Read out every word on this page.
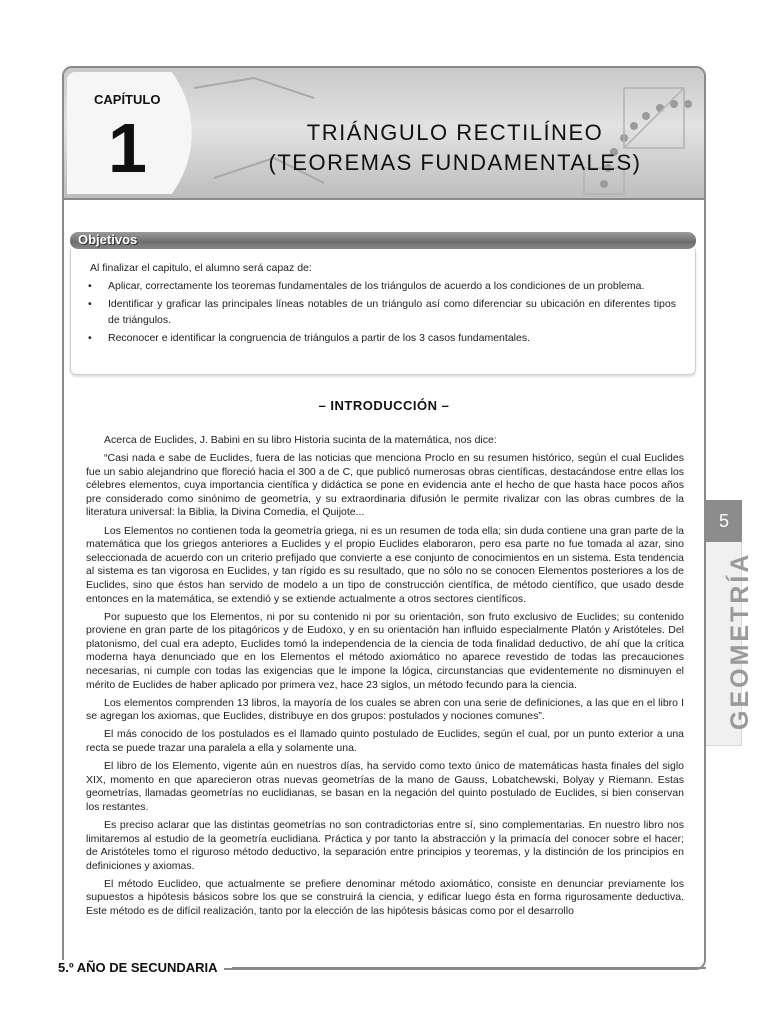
CAPÍTULO
1	TRIÁNGULO RECTILÍNEO
(TEOREMAS FUNDAMENTALES)
Objetivos
Al finalizar el capitulo, el alumno será capaz de:
• Aplicar, correctamente los teoremas fundamentales de los triángulos de acuerdo a los condiciones de un problema.
• Identificar y graficar las principales líneas notables de un triángulo así como diferenciar su ubicación en diferentes tipos de triángulos.
• Reconocer e identificar la congruencia de triángulos a partir de los 3 casos fundamentales.
– INTRODUCCIÓN –

Acerca de Euclides, J. Babini en su libro Historia sucinta de la matemática, nos dice:

“Casi nada e sabe de Euclides, fuera de las noticias que menciona Proclo en su resumen histórico, según el cual Euclides fue un sabio alejandrino que floreció hacia el 300 a de C, que publicó numerosas obras científicas, destacándose entre ellas los célebres elementos, cuya importancia científica y didáctica se pone en evidencia ante el hecho de que hasta hace pocos años pre considerado como sinónimo de geometría, y su extraordinaria difusión le permite rivalizar con las obras cumbres de la literatura universal: la Biblia, la Divina Comedia, el Quijote...

Los Elementos no contienen toda la geometría griega, ni es un resumen de toda ella; sin duda contiene una gran parte de la matemática que los griegos anteriores a Euclides y el propio Euclides elaboraron, pero esa parte no fue tomada al azar, sino seleccionada de acuerdo con un criterio prefijado que convierte a ese conjunto de conocimientos en un sistema. Esta tendencia al sistema es tan vigorosa en Euclides, y tan rígido es su resultado, que no sólo no se conocen Elementos posteriores a los de Euclides, sino que éstos han servido de modelo a un tipo de construcción científica, de método científico, que usado desde entonces en la matemática, se extendió y se extiende actualmente a otros sectores científicos.

Por supuesto que los Elementos, ni por su contenido ni por su orientación, son fruto exclusivo de Euclides; su contenido proviene en gran parte de los pitagóricos y de Eudoxo, y en su orientación han influido especialmente Platón y Aristóteles. Del platonismo, del cual era adepto, Euclides tomó la independencia de la ciencia de toda finalidad deductivo, de ahí que la crítica moderna haya denunciado que en los Elementos el método axiomático no aparece revestido de todas las precauciones necesarias, ni cumple con todas las exigencias que le impone la lógica, circunstancias que evidentemente no disminuyen el mérito de Euclides de haber aplicado por primera vez, hace 23 siglos, un método fecundo para la ciencia.

Los elementos comprenden 13 libros, la mayoría de los cuales se abren con una serie de definiciones, a las que en el libro I se agregan los axiomas, que Euclides, distribuye en dos grupos: postulados y nociones comunes”.

El más conocido de los postulados es el llamado quinto postulado de Euclides, según el cual, por un punto exterior a una recta se puede trazar una paralela a ella y solamente una.

El libro de los Elemento, vigente aún en nuestros días, ha servido como texto único de matemáticas hasta finales del siglo XIX, momento en que aparecieron otras nuevas geometrías de la mano de Gauss, Lobatchewski, Bolyay y Riemann. Estas geometrías, llamadas geometrías no euclidianas, se basan en la negación del quinto postulado de Euclides, si bien conservan los restantes.

Es preciso aclarar que las distintas geometrías no son contradictorias entre sí, sino complementarias. En nuestro libro nos limitaremos al estudio de la geometría euclidiana. Práctica y por tanto la abstracción y la primacía del conocer sobre el hacer; de Aristóteles tomo el riguroso método deductivo, la separación entre principios y teoremas, y la distinción de los principios en definiciones y axiomas.

El método Euclideo, que actualmente se prefiere denominar método axiomático, consiste en denunciar previamente los supuestos a hipótesis básicos sobre los que se construirá la ciencia, y edificar luego ésta en forma rigurosamente deductiva. Este método es de difícil realización, tanto por la elección de las hipótesis básicas como por el desarrollo

5
GEOMETRÍA
5.º AÑO DE SECUNDARIA
